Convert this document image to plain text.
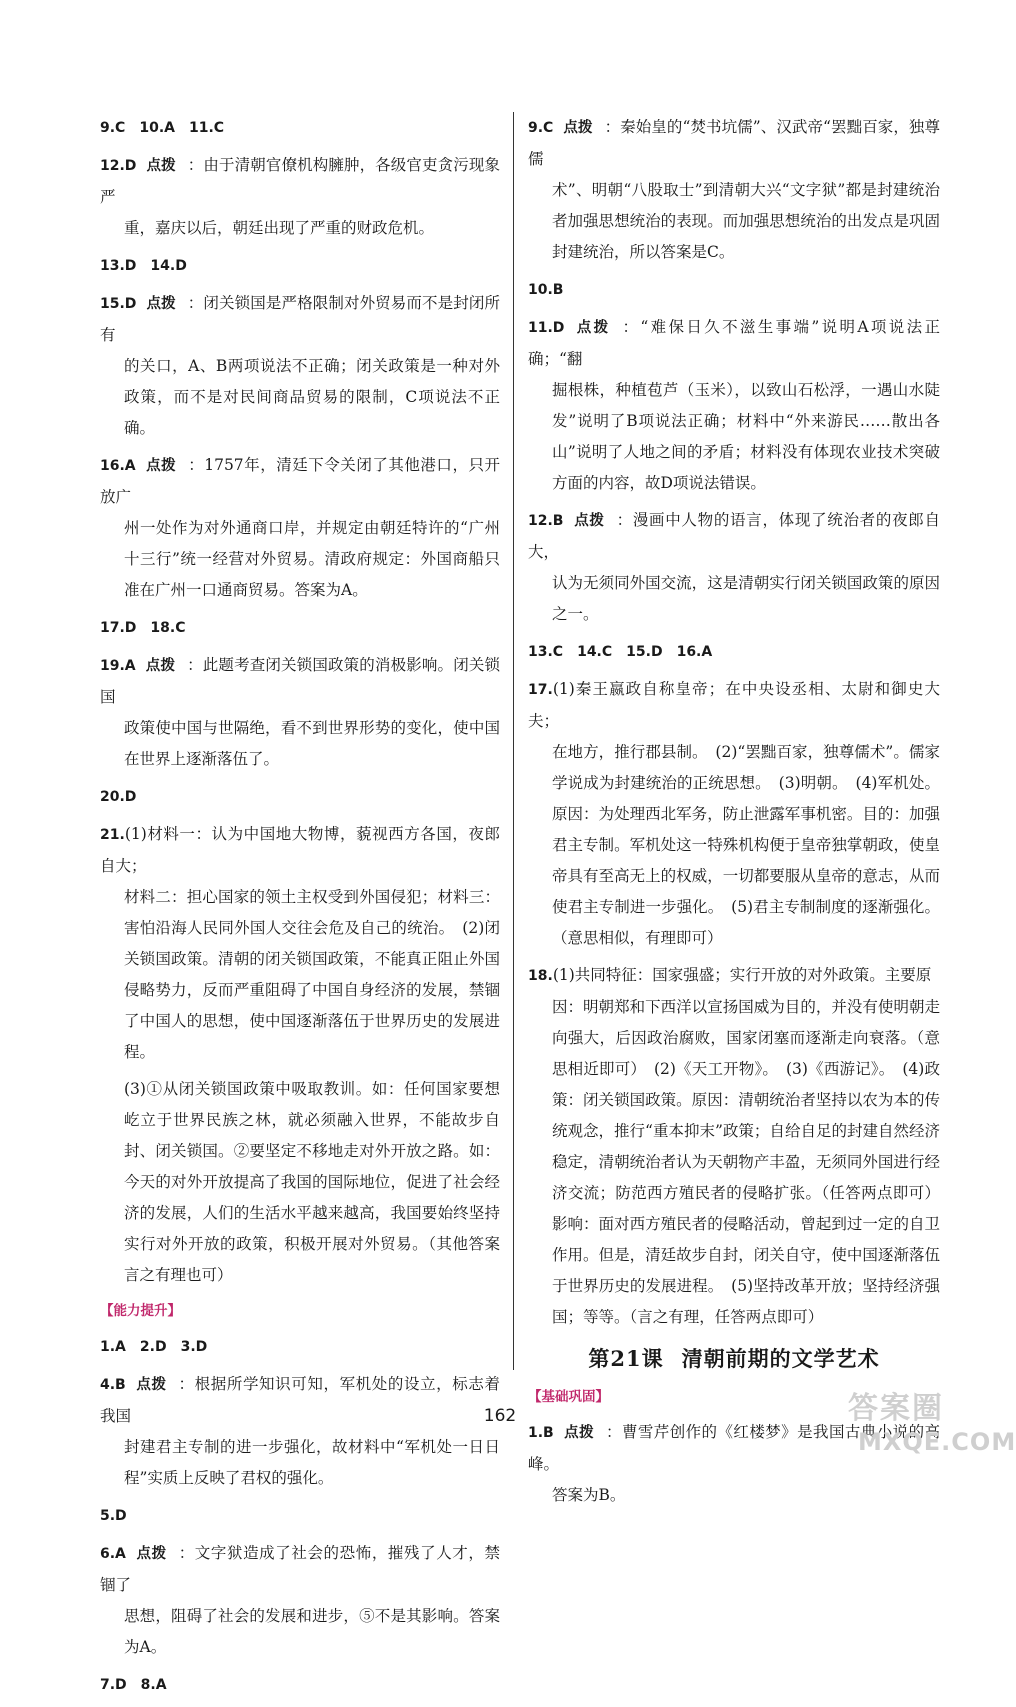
9.C　10.A　11.C
12.D 点拨 ：由于清朝官僚机构臃肿，各级官吏贪污现象严
重，嘉庆以后，朝廷出现了严重的财政危机。
13.D　14.D
15.D 点拨 ：闭关锁国是严格限制对外贸易而不是封闭所有
的关口，A、B两项说法不正确；闭关政策是一种对外政策，而不是对民间商品贸易的限制，C项说法不正确。
16.A 点拨 ：1757年，清廷下令关闭了其他港口，只开放广
州一处作为对外通商口岸，并规定由朝廷特许的“广州十三行”统一经营对外贸易。清政府规定：外国商船只准在广州一口通商贸易。答案为A。
17.D　18.C
19.A 点拨 ：此题考查闭关锁国政策的消极影响。闭关锁国
政策使中国与世隔绝，看不到世界形势的变化，使中国在世界上逐渐落伍了。
20.D
21.(1)材料一：认为中国地大物博，藐视西方各国，夜郎自大；
材料二：担心国家的领土主权受到外国侵犯；材料三：害怕沿海人民同外国人交往会危及自己的统治。　(2)闭关锁国政策。清朝的闭关锁国政策，不能真正阻止外国侵略势力，反而严重阻碍了中国自身经济的发展，禁锢了中国人的思想，使中国逐渐落伍于世界历史的发展进程。
(3)①从闭关锁国政策中吸取教训。如：任何国家要想屹立于世界民族之林，就必须融入世界，不能故步自封、闭关锁国。②要坚定不移地走对外开放之路。如：今天的对外开放提高了我国的国际地位，促进了社会经济的发展，人们的生活水平越来越高，我国要始终坚持实行对外开放的政策，积极开展对外贸易。（其他答案言之有理也可）
【能力提升】
1.A　2.D　3.D
4.B 点拨 ：根据所学知识可知，军机处的设立，标志着我国
封建君主专制的进一步强化，故材料中“军机处一日日程”实质上反映了君权的强化。
5.D
6.A 点拨 ：文字狱造成了社会的恐怖，摧残了人才，禁锢了
思想，阻碍了社会的发展和进步，⑤不是其影响。答案为A。
7.D　8.A
9.C 点拨 ：秦始皇的“焚书坑儒”、汉武帝“罢黜百家，独尊儒
术”、明朝“八股取士”到清朝大兴“文字狱”都是封建统治者加强思想统治的表现。而加强思想统治的出发点是巩固封建统治，所以答案是C。
10.B
11.D 点拨 ：“难保日久不滋生事端”说明A项说法正确；“翻
掘根株，种植苞芦（玉米），以致山石松浮，一遇山水陡发”说明了B项说法正确；材料中“外来游民……散出各山”说明了人地之间的矛盾；材料没有体现农业技术突破方面的内容，故D项说法错误。
12.B 点拨 ：漫画中人物的语言，体现了统治者的夜郎自大，
认为无须同外国交流，这是清朝实行闭关锁国政策的原因之一。
13.C　14.C　15.D　16.A
17.(1)秦王嬴政自称皇帝；在中央设丞相、太尉和御史大夫；
在地方，推行郡县制。　(2)“罢黜百家，独尊儒术”。儒家学说成为封建统治的正统思想。　(3)明朝。　(4)军机处。原因：为处理西北军务，防止泄露军事机密。目的：加强君主专制。军机处这一特殊机构便于皇帝独掌朝政，使皇帝具有至高无上的权威，一切都要服从皇帝的意志，从而使君主专制进一步强化。　(5)君主专制制度的逐渐强化。（意思相似，有理即可）
18.(1)共同特征：国家强盛；实行开放的对外政策。主要原
因：明朝郑和下西洋以宣扬国威为目的，并没有使明朝走向强大，后因政治腐败，国家闭塞而逐渐走向衰落。（意思相近即可）　(2)《天工开物》。　(3)《西游记》。　(4)政策：闭关锁国政策。原因：清朝统治者坚持以农为本的传统观念，推行“重本抑末”政策；自给自足的封建自然经济稳定，清朝统治者认为天朝物产丰盈，无须同外国进行经济交流；防范西方殖民者的侵略扩张。（任答两点即可）影响：面对西方殖民者的侵略活动，曾起到过一定的自卫作用。但是，清廷故步自封，闭关自守，使中国逐渐落伍于世界历史的发展进程。　(5)坚持改革开放；坚持经济强国；等等。（言之有理，任答两点即可）
第21课 清朝前期的文学艺术
【基础巩固】
1.B 点拨 ：曹雪芹创作的《红楼梦》是我国古典小说的高峰。
答案为B。
162	答案圈
MXQE.COM
